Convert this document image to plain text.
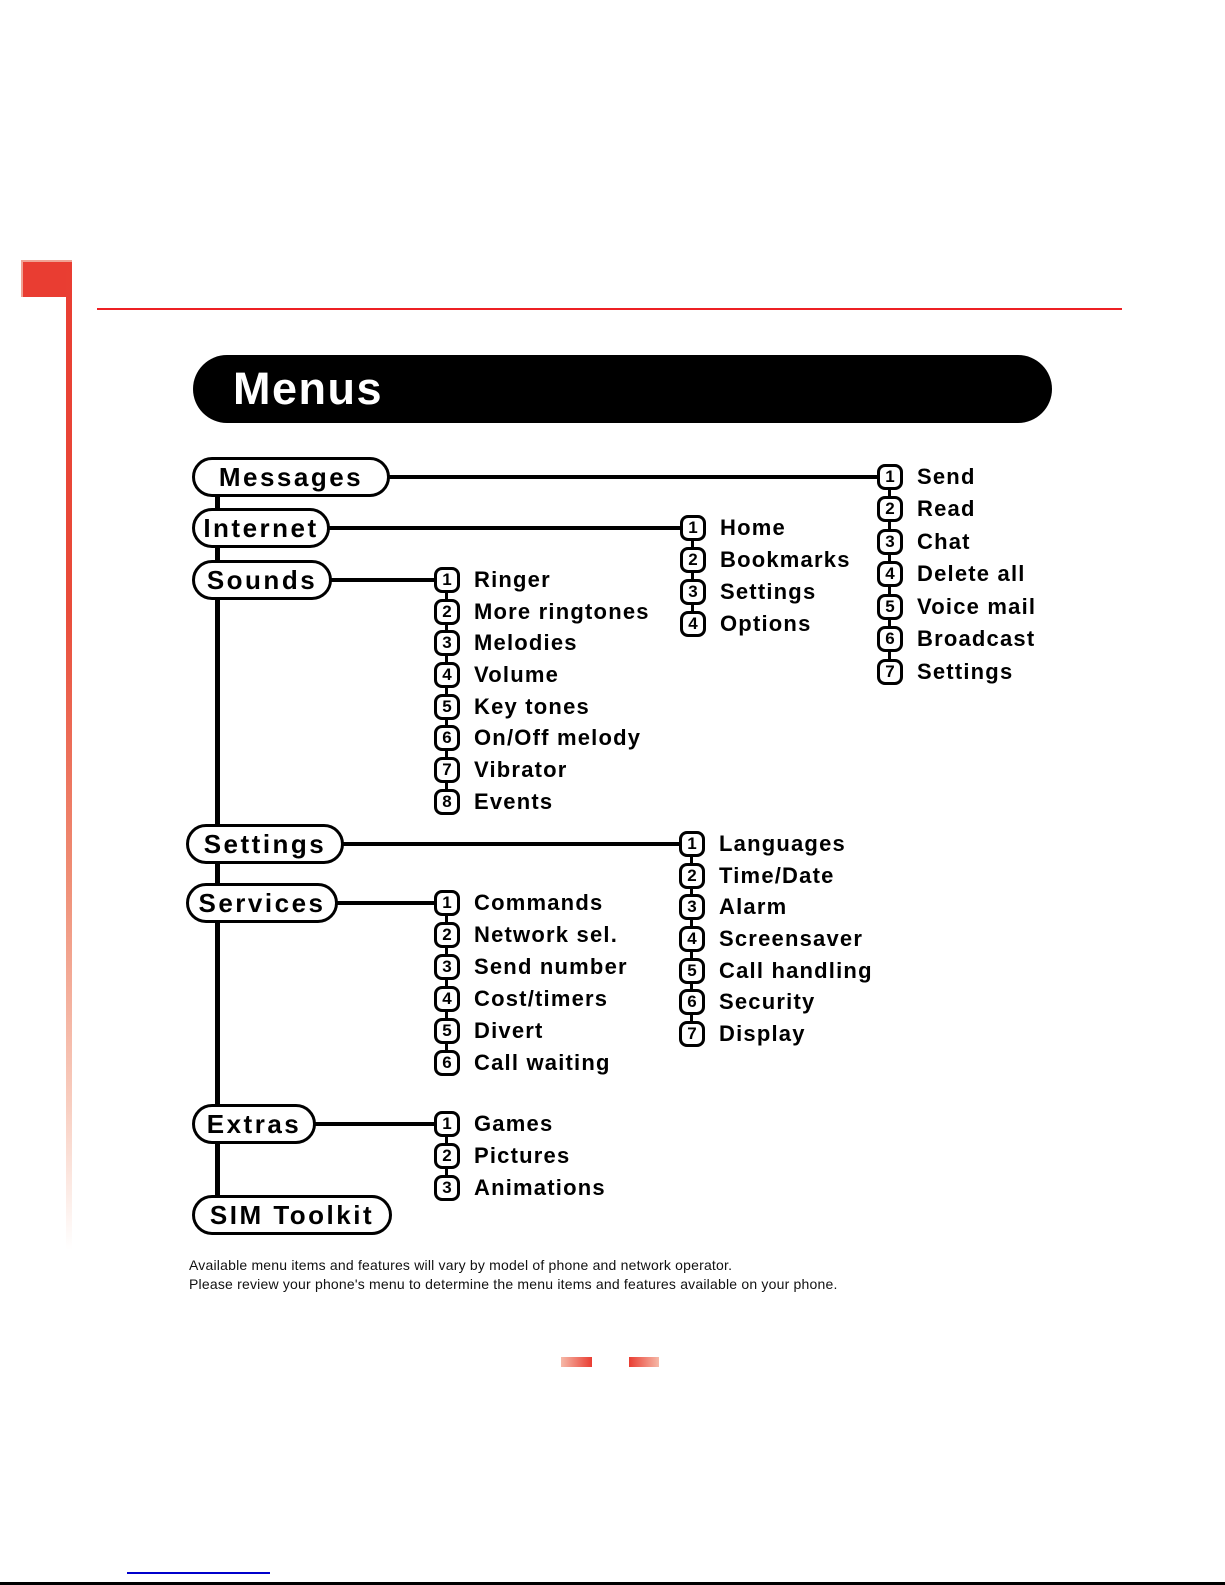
Menus
Messages
Internet
Sounds
Settings
Services
Extras
SIM Toolkit
1	Send
2	Read
3	Chat
4	Delete all
5	Voice mail
6	Broadcast
7	Settings
1	Home
2	Bookmarks
3	Settings
4	Options
1	Ringer
2	More ringtones
3	Melodies
4	Volume
5	Key tones
6	On/Off melody
7	Vibrator
8	Events
1	Languages
2	Time/Date
3	Alarm
4	Screensaver
5	Call handling
6	Security
7	Display
1	Commands
2	Network sel.
3	Send number
4	Cost/timers
5	Divert
6	Call waiting
1	Games
2	Pictures
3	Animations
Available menu items and features will vary by model of phone and network operator.
Please review your phone's menu to determine the menu items and features available on your phone.
